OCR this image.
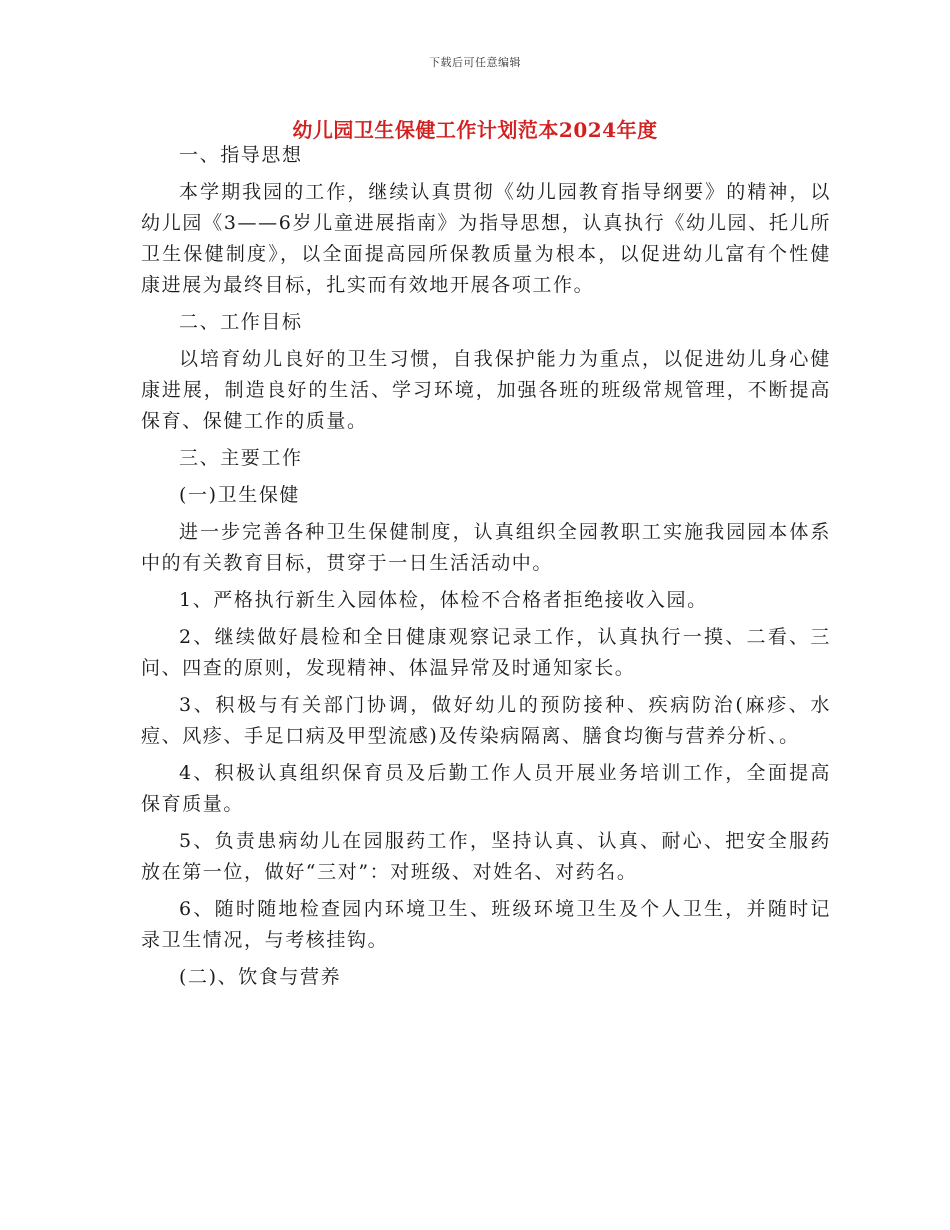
下载后可任意编辑
幼儿园卫生保健工作计划范本2024年度

一、指导思想

本学期我园的工作，继续认真贯彻《幼儿园教育指导纲要》的精神，以幼儿园《3——6岁儿童进展指南》为指导思想，认真执行《幼儿园、托儿所卫生保健制度》，以全面提高园所保教质量为根本，以促进幼儿富有个性健康进展为最终目标，扎实而有效地开展各项工作。

二、工作目标

以培育幼儿良好的卫生习惯，自我保护能力为重点，以促进幼儿身心健康进展，制造良好的生活、学习环境，加强各班的班级常规管理，不断提高保育、保健工作的质量。

三、主要工作

(一)卫生保健

进一步完善各种卫生保健制度，认真组织全园教职工实施我园园本体系中的有关教育目标，贯穿于一日生活活动中。

1、严格执行新生入园体检，体检不合格者拒绝接收入园。

2、继续做好晨检和全日健康观察记录工作，认真执行一摸、二看、三问、四查的原则，发现精神、体温异常及时通知家长。

3、积极与有关部门协调，做好幼儿的预防接种、疾病防治(麻疹、水痘、风疹、手足口病及甲型流感)及传染病隔离、膳食均衡与营养分析、。

4、积极认真组织保育员及后勤工作人员开展业务培训工作，全面提高保育质量。

5、负责患病幼儿在园服药工作，坚持认真、认真、耐心、把安全服药放在第一位，做好“三对”：对班级、对姓名、对药名。

6、随时随地检查园内环境卫生、班级环境卫生及个人卫生，并随时记录卫生情况，与考核挂钩。

(二)、饮食与营养
